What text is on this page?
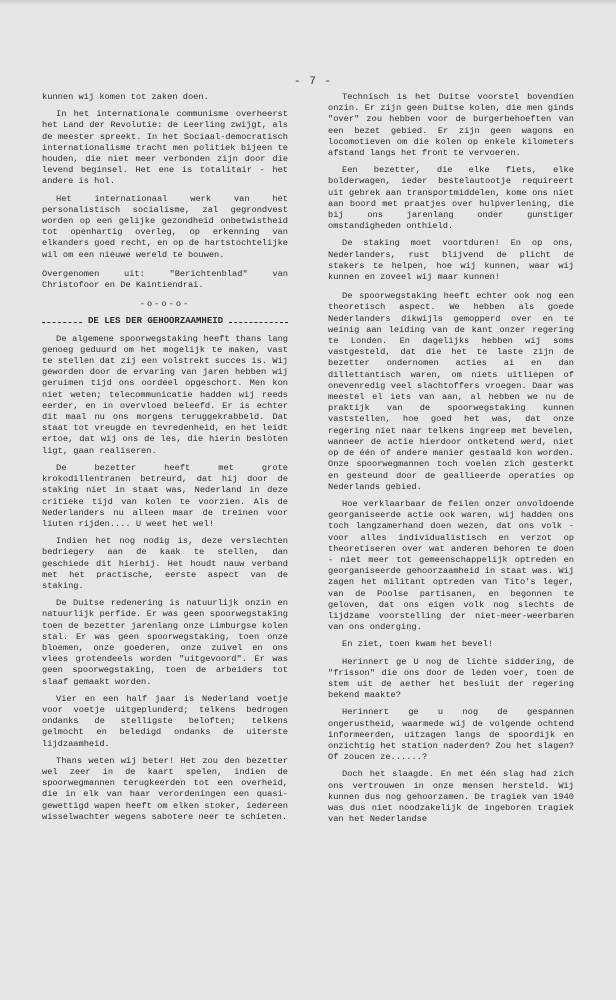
- 7 -

kunnen wij komen tot zaken doen.

In het internationale communisme overheerst het Land der Revolutie: de Leerling zwijgt, als de meester spreekt. In het Sociaal-democratisch internationalisme tracht men politiek bijeen te houden, die niet meer verbonden zijn door die levend beginsel. Het ene is totalitair - het andere is hol.

Het internationaal werk van het personalistisch socialisme, zal gegrondvest worden op een gelijke gezondheid onbetwistheid tot openhartig overleg, op erkenning van elkanders goed recht, en op de hartstochtelijke wil om een nieuwe wereld te bouwen.

Overgenomen uit: "Berichtenblad" van Christofoor en De Kaintiendrai.

-o-o-o-
DE LES DER GEHOORZAAMHEID

De algemene spoorwegstaking heeft thans lang genoeg geduurd om het mogelijk te maken, vast te stellen dat zij een volstrekt succes is. Wij geworden door de ervaring van jaren hebben wij geruimen tijd ons oordeel opgeschort. Men kon niet weten; telecommunicatie hadden wij reeds eerder, en in overvloed beleefd. Er is echter dit maal nu ons morgens teruggekrabbeld. Dat staat tot vreugde en tevredenheid, en het leidt ertoe, dat wij ons de les, die hierin besloten ligt, gaan realiseren.

De bezetter heeft met grote krokodillentranen betreurd, dat hij door de staking niet in staat was, Nederland in deze critieke tijd van kolen te voorzien. Als de Nederlanders nu alleen maar de treinen voor liuten rijden.... U weet het wel!

Indien het nog nodig is, deze verslechten bedriegery aan de kaak te stellen, dan geschiede dit hierbij. Het houdt nauw verband met het practische, eerste aspect van de staking.

De Duitse redenering is natuurlijk onzin en natuurlijk perfide. Er was geen spoorwegstaking toen de bezetter jarenlang onze Limburgse kolen stal. Er was geen spoorwegstaking, toen onze bloemen, onze goederen, onze zuivel en ons vlees grotendeels worden "uitgevoord". Er was geen spoorwegstaking, toen de arbeiders tot slaaf gemaakt worden.

Vier en een half jaar is Nederland voetje voor voetje uitgeplunderd; telkens bedrogen ondanks de stelligste beloften; telkens gelmocht en beledigd ondanks de uiterste lijdzaamheid.

Thans weten wij beter! Het zou den bezetter wel zeer in de kaart spelen, indien de spoorwegmannen terugkeerden tot een overheid, die in elk van haar verordeningen een quasi-gewettigd wapen heeft om elken stoker, iedereen wisselwachter wegens sabotere neer te schieten.

Technisch is het Duitse voorstel bovendien onzin. Er zijn geen Duitse kolen, die men ginds "over" zou hebben voor de burgerbehoeften van een bezet gebied. Er zijn geen wagons en locomotieven om die kolen op enkele kilometers afstand langs het front te vervoeren.

Een bezetter, die elke fiets, elke bolderwagen, ieder bestelautootje requireert uit gebrek aan transportmiddelen, kome ons niet aan boord met praatjes over hulpverlening, die bij ons jarenlang onder gunstiger omstandigheden onthield.

De staking moet voortduren! En op ons, Nederlanders, rust blijvend de plicht de stakers te helpen, hoe wij kunnen, waar wij kunnen en zoveel wij maar kunnen!

De spoorwegstaking heeft echter ook nog een theoretisch aspect. We hebben als goede Nederlanders dikwijls gemopperd over en te weinig aan leiding van de kant onzer regering te Londen. En dagelijks hebben wij soms vastgesteld, dat die het te laste zijn de bezetter ondernomen acties ai en dan dillettantisch waren, om niets uitliepen of onevenredig veel slachtoffers vroegen. Daar was meestel el iets van aan, al hebben we nu de praktijk van de spoorwegstaking kunnen vaststellen, hoe goed het was, dat onze regering niet naar telkens ingreep met bevelen, wanneer de actie hierdoor ontketend werd, niet op de één of andere manier gestaald kon worden. Onze spoorwegmannen toch voelen zich gesterkt en gesteund door de geallieerde operaties op Nederlands gebied.

Hoe verklaarbaar de feilen onzer onvoldoende georganiseerde actie ook waren, wij hadden ons toch langzamerhand doen wezen, dat ons volk - voor alles individualistisch en verzot op theoretiseren over wat anderen behoren te doen - niet meer tot gemeenschappelijk optreden en georganiseerde gehoorzaamheid in staat was. Wij zagen het militant optreden van Tito's leger, van de Poolse partisanen, en begonnen te geloven, dat ons eigen volk nog slechts de lijdzame voorstelling der niet-meer-weerbaren van ons onderging.

En ziet, toen kwam het bevel!

Herinnert ge U nog de lichte siddering, de "frisson" die ons door de leden voer, toen de stem uit de aether het besluit der regering bekend maakte?

Herinnert ge u nog de gespannen ongerustheid, waarmede wij de volgende ochtend informeerden, uitzagen langs de spoordijk en onzichtig het station naderden? Zou het slagen? Of zoucen ze......?

Doch het slaagde. En met één slag had zich ons vertrouwen in onze mensen hersteld. Wij kunnen dus nog gehoorzamen. De tragiek van 1940 was dus niet noodzakelijk de ingeboren tragiek van het Nederlandse
